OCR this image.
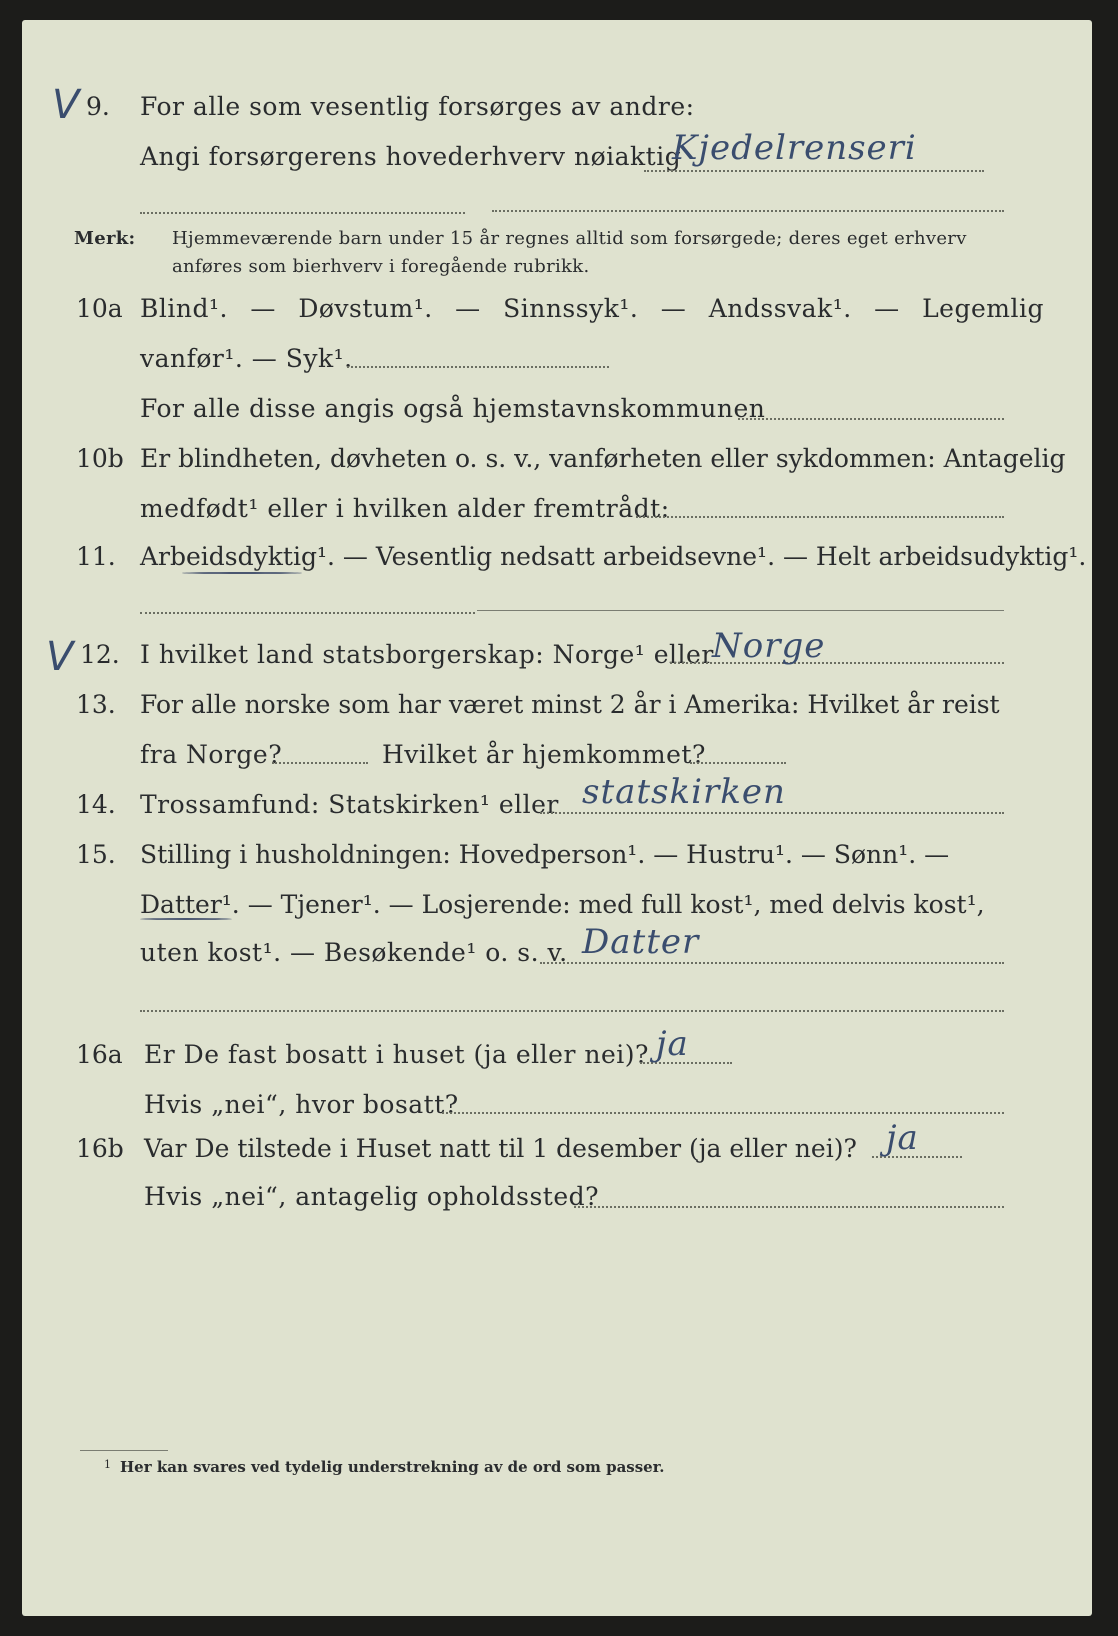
V 9. For alle som vesentlig forsørges av andre:
Angi forsørgerens hovederhverv nøiaktig
Kjedelrenseri
Merk: Hjemmeværende barn under 15 år regnes alltid som forsørgede; deres eget erhverv
anføres som bierhverv i foregående rubrikk.
10a Blind¹. — Døvstum¹. — Sinnssyk¹. — Andssvak¹. — Legemlig
vanfør¹. — Syk¹.
For alle disse angis også hjemstavnskommunen
10b Er blindheten, døvheten o. s. v., vanførheten eller sykdommen: Antagelig
medfødt¹ eller i hvilken alder fremtrådt:
11. Arbeidsdyktig¹. — Vesentlig nedsatt arbeidsevne¹. — Helt arbeidsudyktig¹.
V 12. I hvilket land statsborgerskap: Norge¹ eller
Norge
13. For alle norske som har været minst 2 år i Amerika: Hvilket år reist
fra Norge?	Hvilket år hjemkommet?
14. Trossamfund: Statskirken¹ eller statskirken
15. Stilling i husholdningen: Hovedperson¹. — Hustru¹. — Sønn¹. —
Datter¹. — Tjener¹. — Losjerende: med full kost¹, med delvis kost¹,
uten kost¹. — Besøkende¹ o. s. v. Datter
16a Er De fast bosatt i huset (ja eller nei)? ja
Hvis „nei“, hvor bosatt?
16b Var De tilstede i Huset natt til 1 desember (ja eller nei)? ja
Hvis „nei“, antagelig opholdssted?
1 Her kan svares ved tydelig understrekning av de ord som passer.
